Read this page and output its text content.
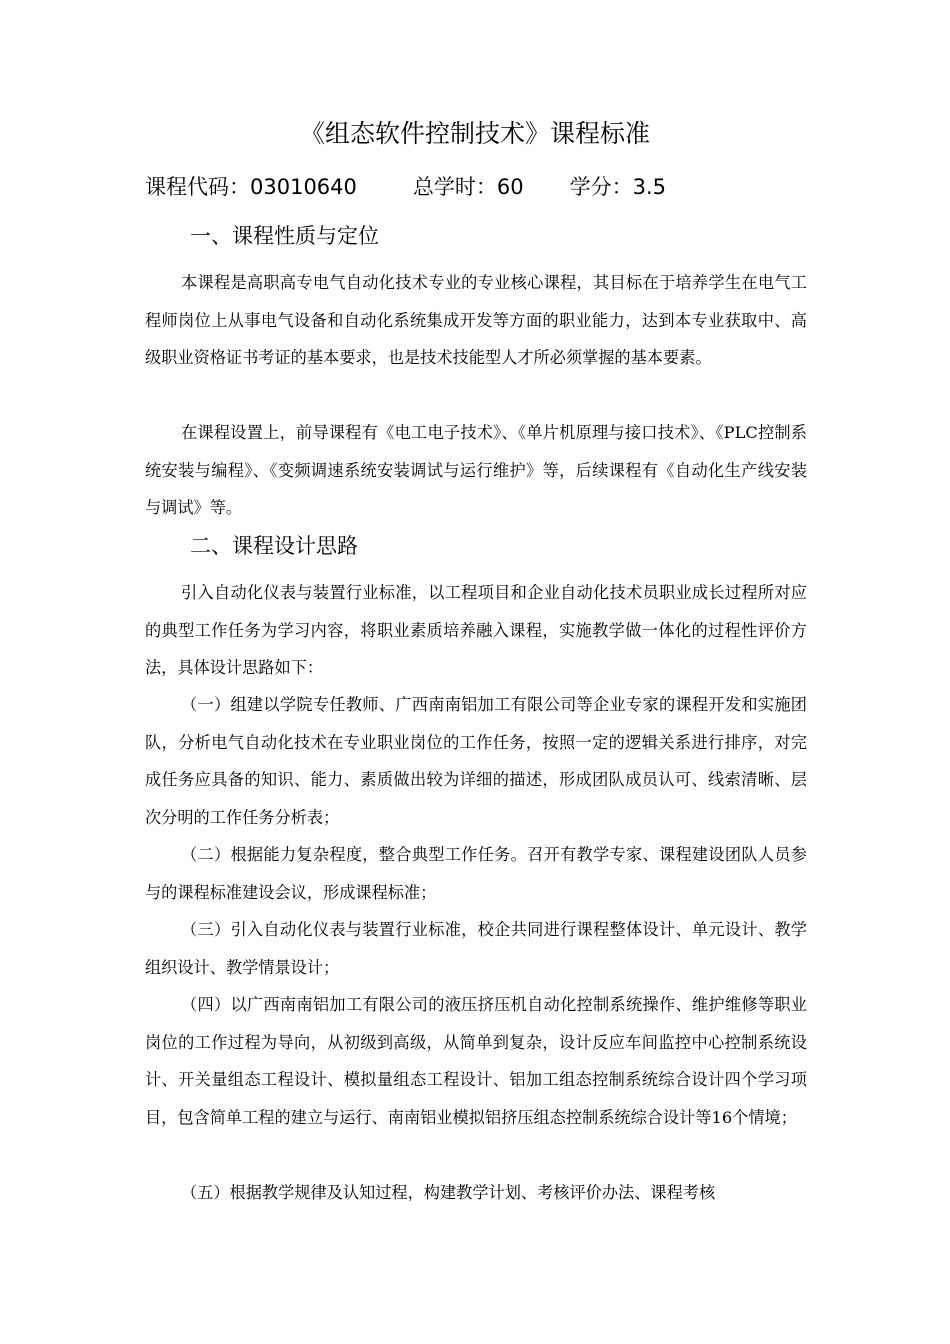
《组态软件控制技术》课程标准
课程代码：03010640	总学时：60 学分：3.5
一、课程性质与定位

本课程是高职高专电气自动化技术专业的专业核心课程，其目标在于培养学生在电气工程师岗位上从事电气设备和自动化系统集成开发等方面的职业能力，达到本专业获取中、高级职业资格证书考证的基本要求，也是技术技能型人才所必须掌握的基本要素。

在课程设置上，前导课程有《电工电子技术》、《单片机原理与接口技术》、《PLC控制系统安装与编程》、《变频调速系统安装调试与运行维护》等，后续课程有《自动化生产线安装与调试》等。

二、课程设计思路

引入自动化仪表与装置行业标准，以工程项目和企业自动化技术员职业成长过程所对应的典型工作任务为学习内容，将职业素质培养融入课程，实施教学做一体化的过程性评价方法，具体设计思路如下：

（一）组建以学院专任教师、广西南南铝加工有限公司等企业专家的课程开发和实施团队，分析电气自动化技术在专业职业岗位的工作任务，按照一定的逻辑关系进行排序，对完成任务应具备的知识、能力、素质做出较为详细的描述，形成团队成员认可、线索清晰、层次分明的工作任务分析表；

（二）根据能力复杂程度，整合典型工作任务。召开有教学专家、课程建设团队人员参与的课程标准建设会议，形成课程标准；

（三）引入自动化仪表与装置行业标准，校企共同进行课程整体设计、单元设计、教学组织设计、教学情景设计；

（四）以广西南南铝加工有限公司的液压挤压机自动化控制系统操作、维护维修等职业岗位的工作过程为导向，从初级到高级，从简单到复杂，设计反应车间监控中心控制系统设计、开关量组态工程设计、模拟量组态工程设计、铝加工组态控制系统综合设计四个学习项目，包含简单工程的建立与运行、南南铝业模拟铝挤压组态控制系统综合设计等16个情境；

（五）根据教学规律及认知过程，构建教学计划、考核评价办法、课程考核
